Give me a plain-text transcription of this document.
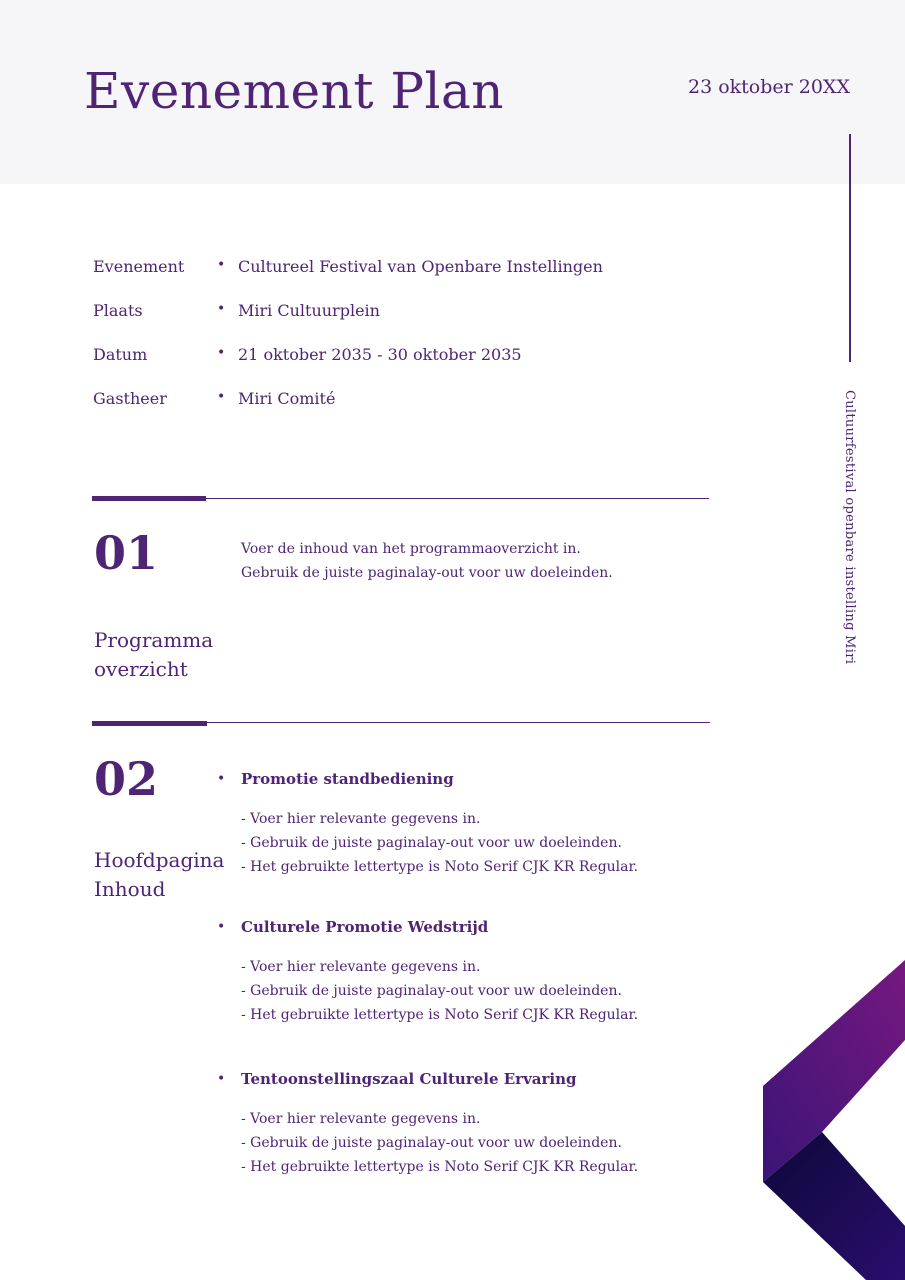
Evenement Plan	23 oktober 20XX
Cultuurfestival openbare instelling Miri
Evenement • Cultureel Festival van Openbare Instellingen
Plaats	• Miri Cultuurplein
Datum	• 21 oktober 2035 - 30 oktober 2035
Gastheer	• Miri Comité
01
Programma overzicht
Voer de inhoud van het programmaoverzicht in.
Gebruik de juiste paginalay-out voor uw doeleinden.
02
Hoofdpagina Inhoud
• Promotie standbediening
- Voer hier relevante gegevens in.
- Gebruik de juiste paginalay-out voor uw doeleinden.
- Het gebruikte lettertype is Noto Serif CJK KR Regular.
• Culturele Promotie Wedstrijd
- Voer hier relevante gegevens in.
- Gebruik de juiste paginalay-out voor uw doeleinden.
- Het gebruikte lettertype is Noto Serif CJK KR Regular.
• Tentoonstellingszaal Culturele Ervaring
- Voer hier relevante gegevens in.
- Gebruik de juiste paginalay-out voor uw doeleinden.
- Het gebruikte lettertype is Noto Serif CJK KR Regular.
